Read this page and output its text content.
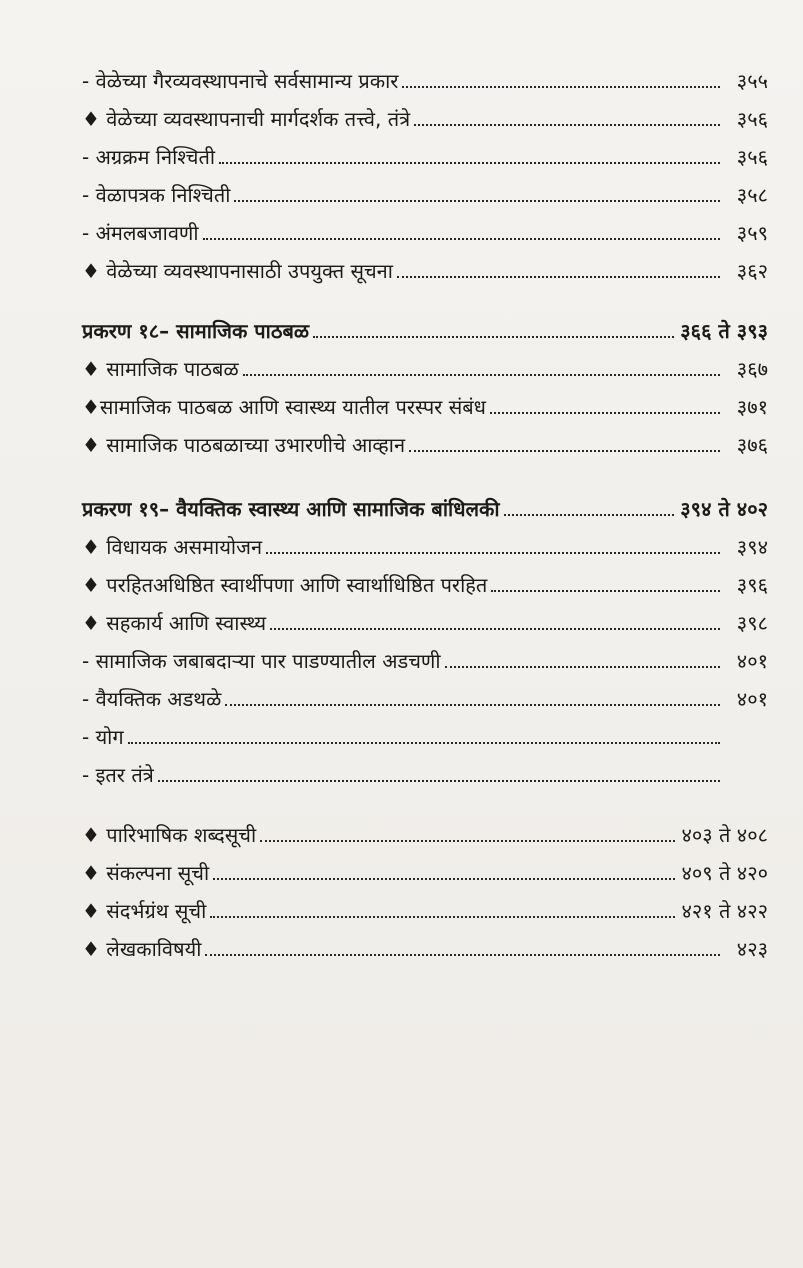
- वेळेच्या गैरव्यवस्थापनाचे सर्वसामान्य प्रकार	३५५
♦ वेळेच्या व्यवस्थापनाची मार्गदर्शक तत्त्वे, तंत्रे	३५६
- अग्रक्रम निश्चिती	३५६
- वेळापत्रक निश्चिती	३५८
- अंमलबजावणी	३५९
♦ वेळेच्या व्यवस्थापनासाठी उपयुक्त सूचना	३६२
प्रकरण १८– सामाजिक पाठबळ	३६६ ते ३९३
♦ सामाजिक पाठबळ	३६७
♦सामाजिक पाठबळ आणि स्वास्थ्य यातील परस्पर संबंध	३७१
♦ सामाजिक पाठबळाच्या उभारणीचे आव्हान	३७६
प्रकरण १९– वैयक्तिक स्वास्थ्य आणि सामाजिक बांधिलकी	३९४ ते ४०२
♦ विधायक असमायोजन	३९४
♦ परहितअधिष्ठित स्वार्थीपणा आणि स्वार्थाधिष्ठित परहित	३९६
♦ सहकार्य आणि स्वास्थ्य	३९८
- सामाजिक जबाबदाऱ्या पार पाडण्यातील अडचणी	४०१
- वैयक्तिक अडथळे	४०१
- योग
- इतर तंत्रे
♦ पारिभाषिक शब्दसूची	४०३ ते ४०८
♦ संकल्पना सूची	४०९ ते ४२०
♦ संदर्भग्रंथ सूची	४२१ ते ४२२
♦ लेखकाविषयी	४२३
